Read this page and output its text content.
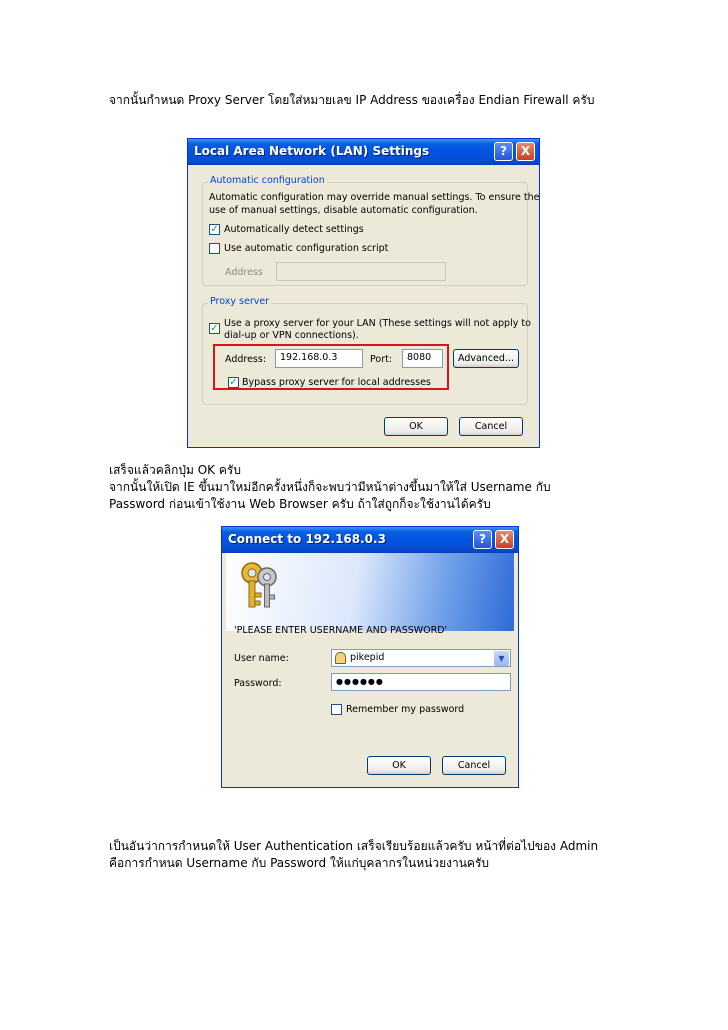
จากนั้นกำหนด Proxy Server โดยใส่หมายเลข IP Address ของเครื่อง Endian Firewall ครับ
Local Area Network (LAN) Settings	?	X
Automatic configuration
Automatic configuration may override manual settings. To ensure the
use of manual settings, disable automatic configuration.
✓ Automatically detect settings
Use automatic configuration script
Address
Proxy server
✓ Use a proxy server for your LAN (These settings will not apply to
dial-up or VPN connections).
Address:	192.168.0.3	Port:	8080	Advanced...
✓ Bypass proxy server for local addresses
OK	Cancel
เสร็จแล้วคลิกปุ่ม OK ครับ
จากนั้นให้เปิด IE ขึ้นมาใหม่อีกครั้งหนึ่งก็จะพบว่ามีหน้าต่างขึ้นมาให้ใส่ Username กับ
Password ก่อนเข้าใช้งาน Web Browser ครับ ถ้าใส่ถูกก็จะใช้งานได้ครับ
Connect to 192.168.0.3	?	X
'PLEASE ENTER USERNAME AND PASSWORD'
User name:	pikepid	▼
Password:	●●●●●●
Remember my password
OK	Cancel
เป็นอันว่าการกำหนดให้ User Authentication เสร็จเรียบร้อยแล้วครับ หน้าที่ต่อไปของ Admin
คือการกำหนด Username กับ Password ให้แก่บุคลากรในหน่วยงานครับ
